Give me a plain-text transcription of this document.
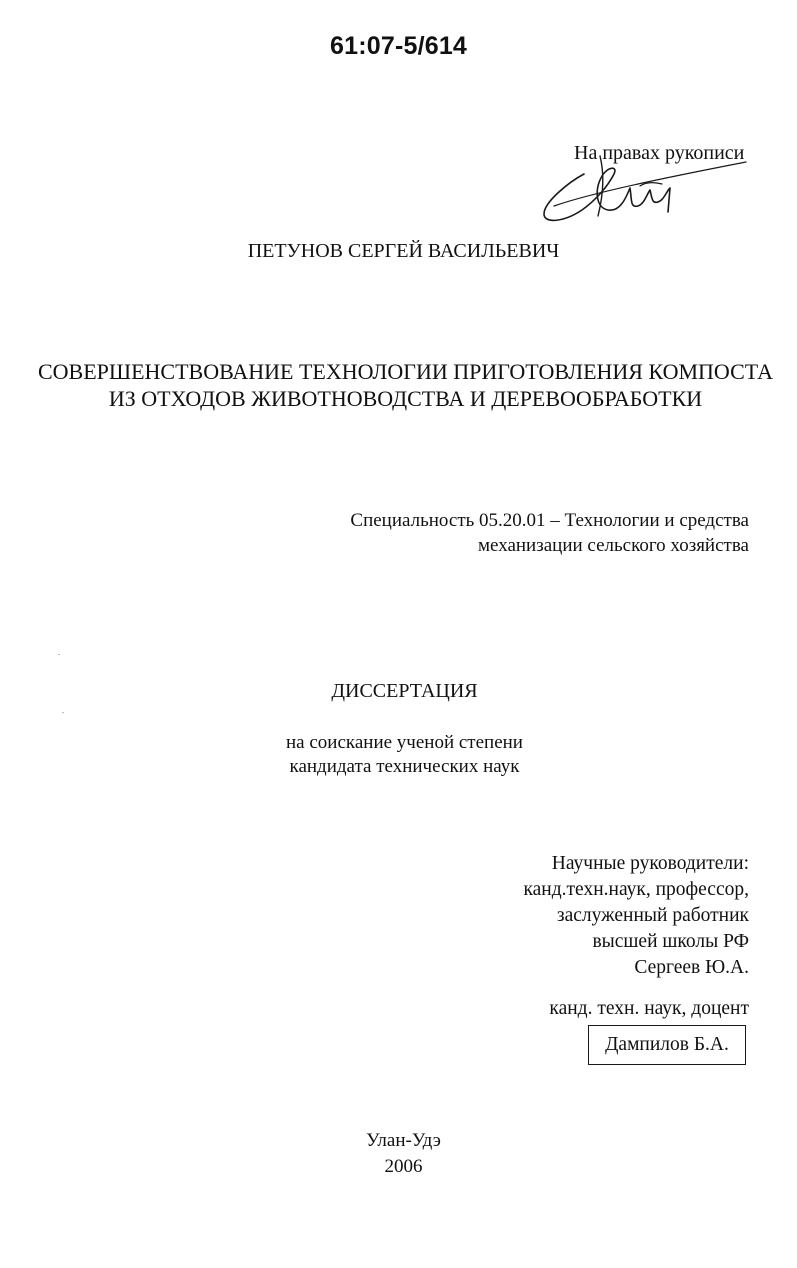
61:07-5/614
На правах рукописи
ПЕТУНОВ СЕРГЕЙ ВАСИЛЬЕВИЧ
СОВЕРШЕНСТВОВАНИЕ ТЕХНОЛОГИИ ПРИГОТОВЛЕНИЯ КОМПОСТА
ИЗ ОТХОДОВ ЖИВОТНОВОДСТВА И ДЕРЕВООБРАБОТКИ
Специальность 05.20.01 – Технологии и средства
механизации сельского хозяйства
ДИССЕРТАЦИЯ
на соискание ученой степени
кандидата технических наук
Научные руководители:
канд.техн.наук, профессор,
заслуженный работник
высшей школы РФ
Сергеев Ю.А.
канд. техн. наук, доцент
Дампилов Б.А.
Улан-Удэ
2006
